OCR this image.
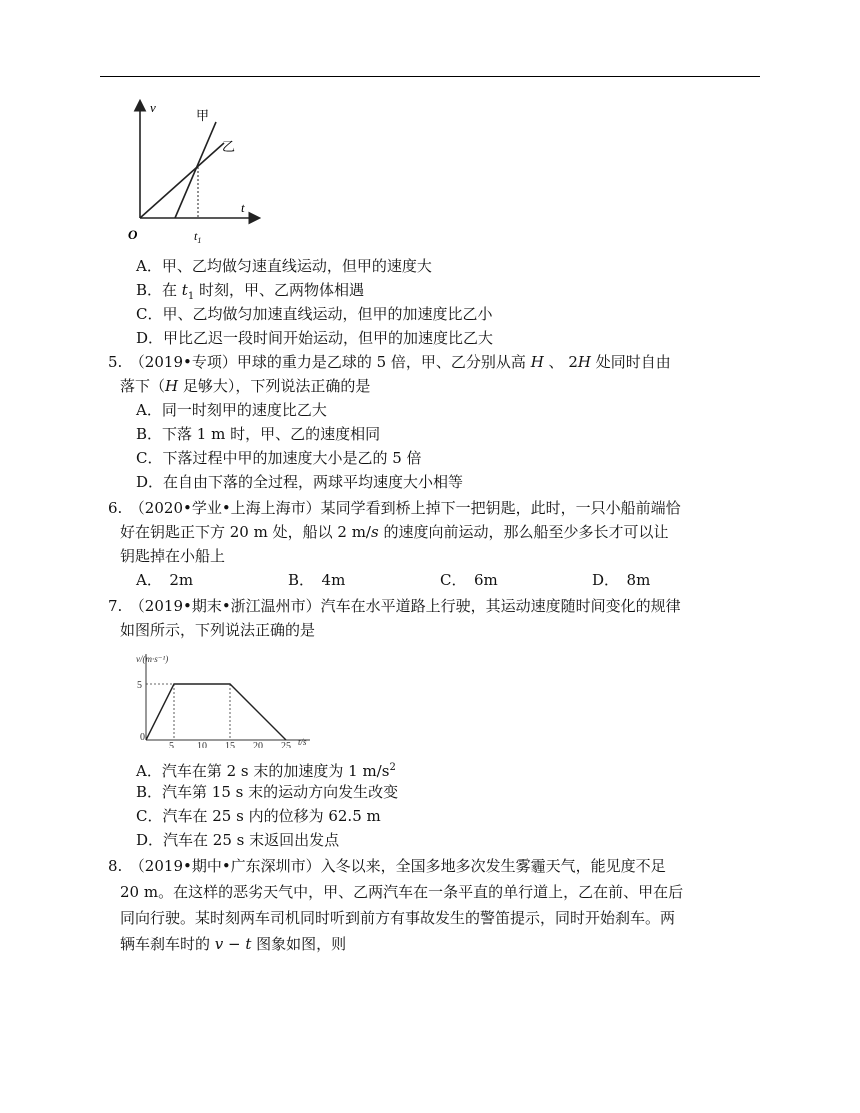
v
t
O	$t_1$
甲
乙
A．甲、乙均做匀速直线运动，但甲的速度大
B．在 $t_1$ 时刻，甲、乙两物体相遇
C．甲、乙均做匀加速直线运动，但甲的加速度比乙小
D．甲比乙迟一段时间开始运动，但甲的加速度比乙大
5.　（2019•专项）甲球的重力是乙球的 5 倍，甲、乙分别从高 H 、 2H 处同时自由
落下（H 足够大），下列说法正确的是
A．同一时刻甲的速度比乙大
B．下落 1 m 时，甲、乙的速度相同
C．下落过程中甲的加速度大小是乙的 5 倍
D．在自由下落的全过程，两球平均速度大小相等
6.　（2020•学业•上海上海市）某同学看到桥上掉下一把钥匙，此时，一只小船前端恰
好在钥匙正下方 20 m 处，船以 2 m/s 的速度向前运动，那么船至少多长才可以让
钥匙掉在小船上
A．　2m	B．　4m	C．　6m	D．　8m
7.　（2019•期末•浙江温州市）汽车在水平道路上行驶，其运动速度随时间变化的规律
如图所示，下列说法正确的是
v/(m·s⁻¹)
t/s
0
5 10 15 20 25
5
A．汽车在第 2 s 末的加速度为 1 $m/s^2$
B．汽车第 15 s 末的运动方向发生改变
C．汽车在 25 s 内的位移为 62.5 m
D．汽车在 25 s 末返回出发点
8.　（2019•期中•广东深圳市）入冬以来，全国多地多次发生雾霾天气，能见度不足
20 m。在这样的恶劣天气中，甲、乙两汽车在一条平直的单行道上，乙在前、甲在后
同向行驶。某时刻两车司机同时听到前方有事故发生的警笛提示，同时开始刹车。两
辆车刹车时的 v − t 图象如图，则
